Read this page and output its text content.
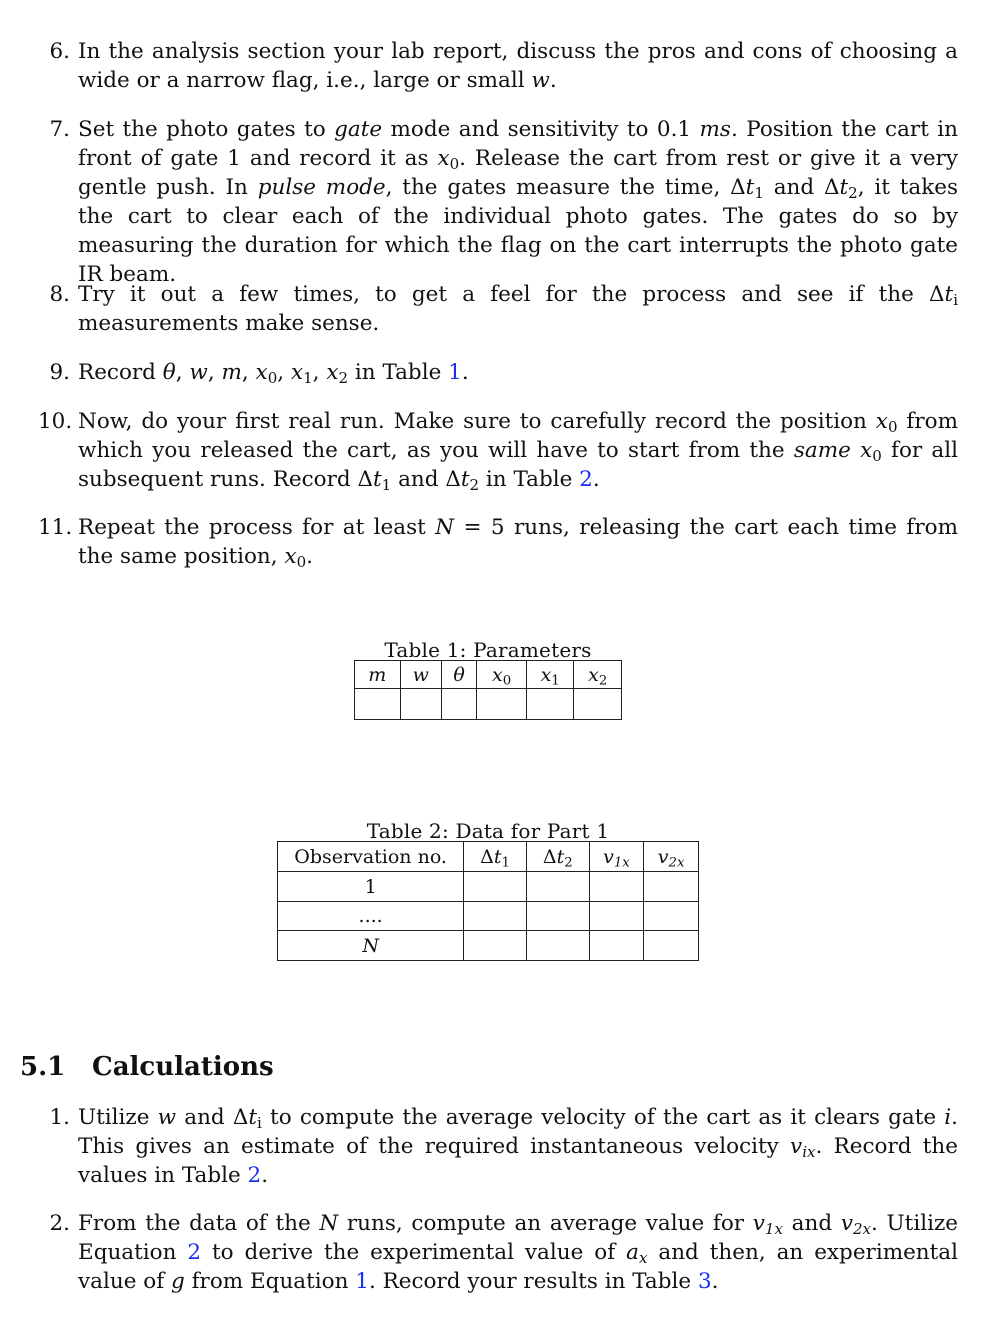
6. In the analysis section your lab report, discuss the pros and cons of choosing a wide or a narrow flag, i.e., large or small w.

7. Set the photo gates to gate mode and sensitivity to 0.1 ms. Position the cart in front of gate 1 and record it as $x_0$. Release the cart from rest or give it a very gentle push. In pulse mode, the gates measure the time, $\Delta t_1$ and $\Delta t_2$, it takes the cart to clear each of the individual photo gates. The gates do so by measuring the duration for which the flag on the cart interrupts the photo gate IR beam.

8. Try it out a few times, to get a feel for the process and see if the $\Delta t_i$ measurements make sense.

9. Record θ, w, m, $x_0$, $x_1$, $x_2$ in Table 1.

10. Now, do your first real run. Make sure to carefully record the position $x_0$ from which you released the cart, as you will have to start from the same $x_0$ for all subsequent runs. Record $\Delta t_1$ and $\Delta t_2$ in Table 2.

11. Repeat the process for at least N = 5 runs, releasing the cart each time from the same position, $x_0$.

Table 1: Parameters
m	w	θ	$x_0$	$x_1$	$x_2$

Table 2: Data for Part 1
Observation no.	$\Delta t_1$	$\Delta t_2$	$v_{1x}$	$v_{2x}$
1				
....				
N				
5.1 Calculations
1. Utilize w and $\Delta t_i$ to compute the average velocity of the cart as it clears gate i. This gives an estimate of the required instantaneous velocity $v_{ix}$. Record the values in Table 2.

2. From the data of the N runs, compute an average value for $v_{1x}$ and $v_{2x}$. Utilize Equation 2 to derive the experimental value of $a_x$ and then, an experimental value of g from Equation 1. Record your results in Table 3.
